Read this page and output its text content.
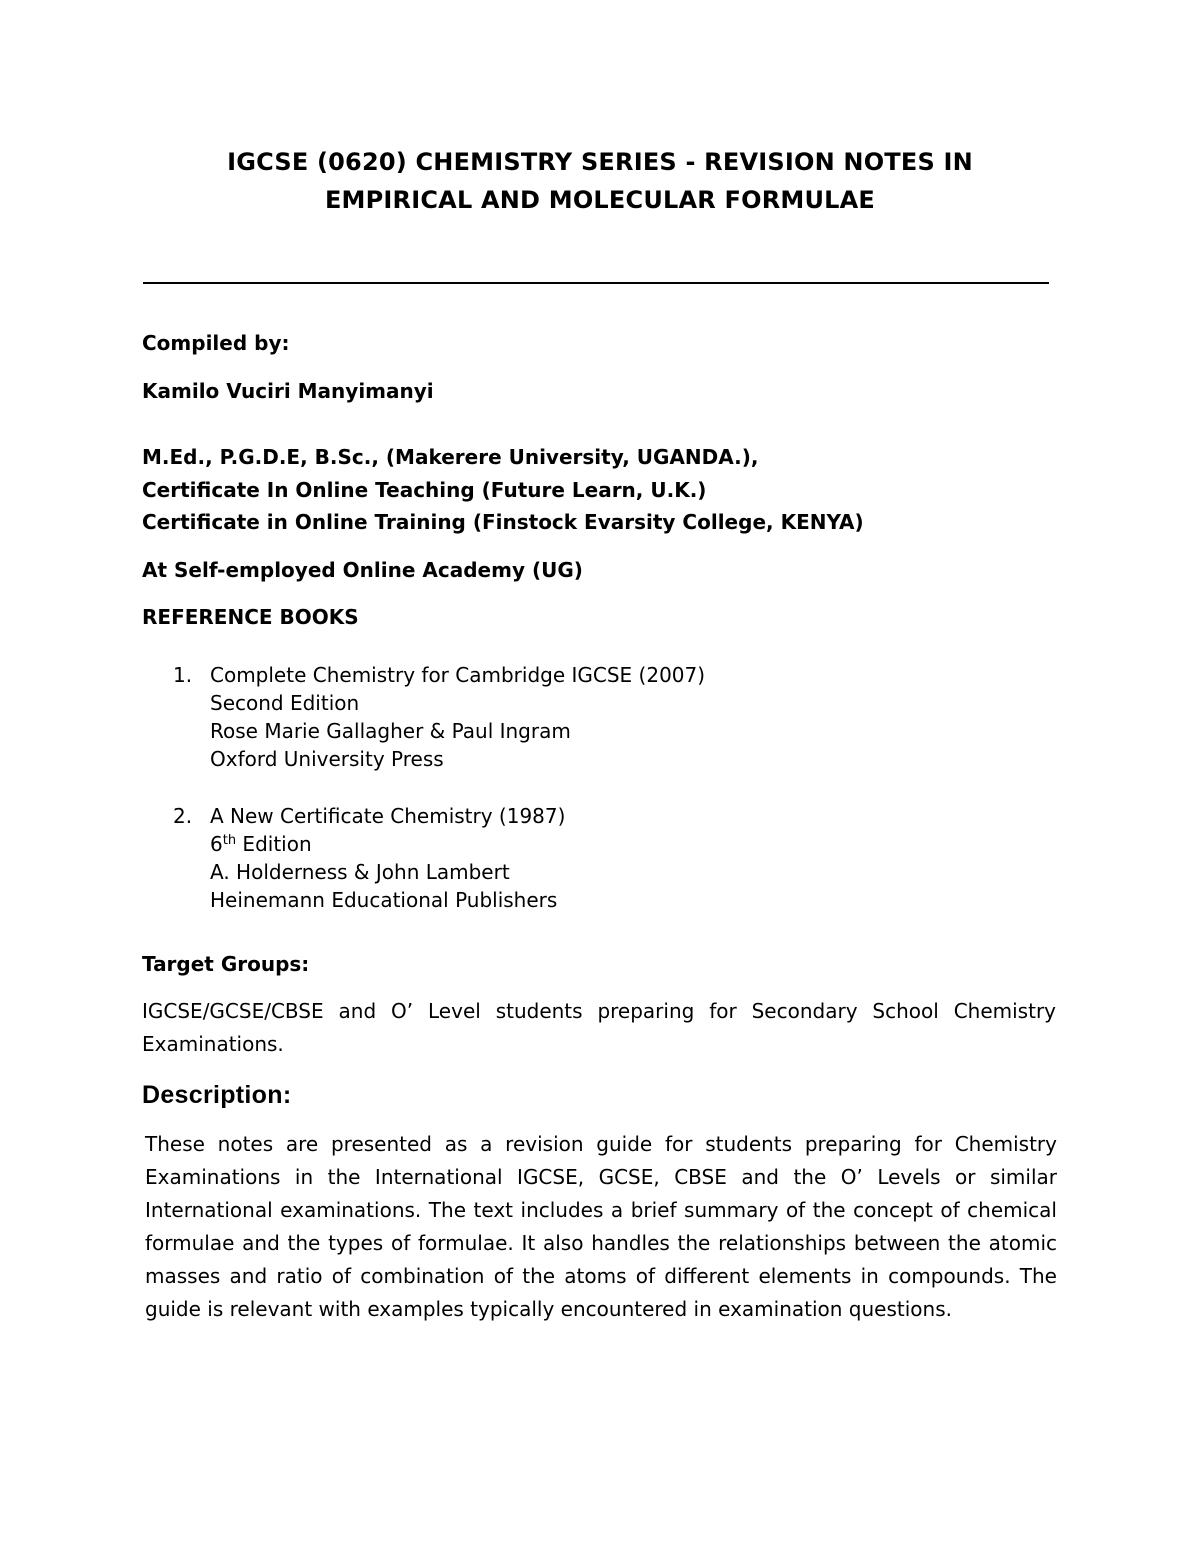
IGCSE (0620) CHEMISTRY SERIES - REVISION NOTES IN
EMPIRICAL AND MOLECULAR FORMULAE
Compiled by:
Kamilo Vuciri Manyimanyi
M.Ed., P.G.D.E, B.Sc., (Makerere University, UGANDA.),
Certificate In Online Teaching (Future Learn, U.K.)
Certificate in Online Training (Finstock Evarsity College, KENYA)
At Self-employed Online Academy (UG)
REFERENCE BOOKS
1. Complete Chemistry for Cambridge IGCSE (2007)
Second Edition
Rose Marie Gallagher & Paul Ingram
Oxford University Press
2. A New Certificate Chemistry (1987)
6th Edition
A. Holderness & John Lambert
Heinemann Educational Publishers
Target Groups:
IGCSE/GCSE/CBSE and O’ Level students preparing for Secondary School Chemistry Examinations.
Description:
These notes are presented as a revision guide for students preparing for Chemistry Examinations in the International IGCSE, GCSE, CBSE and the O’ Levels or similar International examinations. The text includes a brief summary of the concept of chemical formulae and the types of formulae. It also handles the relationships between the atomic masses and ratio of combination of the atoms of different elements in compounds. The guide is relevant with examples typically encountered in examination questions.
